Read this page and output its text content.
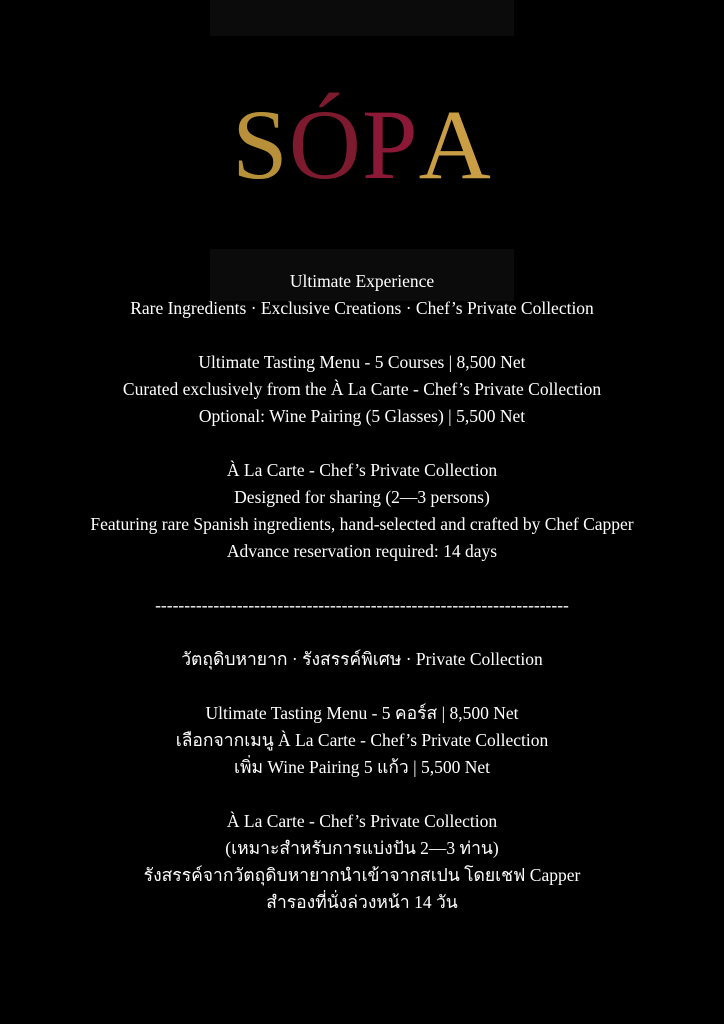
SÓPA
Ultimate Experience
Rare Ingredients · Exclusive Creations · Chef’s Private Collection
Ultimate Tasting Menu - 5 Courses | 8,500 Net
Curated exclusively from the À La Carte - Chef’s Private Collection
Optional: Wine Pairing (5 Glasses) | 5,500 Net
À La Carte - Chef’s Private Collection
Designed for sharing (2—3 persons)
Featuring rare Spanish ingredients, hand-selected and crafted by Chef Capper
Advance reservation required: 14 days
-----------------------------------------------------------------------
วัตถุดิบหายาก · รังสรรค์พิเศษ · Private Collection
Ultimate Tasting Menu - 5 คอร์ส | 8,500 Net
เลือกจากเมนู À La Carte - Chef’s Private Collection
เพิ่ม Wine Pairing 5 แก้ว | 5,500 Net
À La Carte - Chef’s Private Collection
(เหมาะสำหรับการแบ่งปัน 2—3 ท่าน)
รังสรรค์จากวัตถุดิบหายากนำเข้าจากสเปน โดยเชฟ Capper
สำรองที่นั่งล่วงหน้า 14 วัน
